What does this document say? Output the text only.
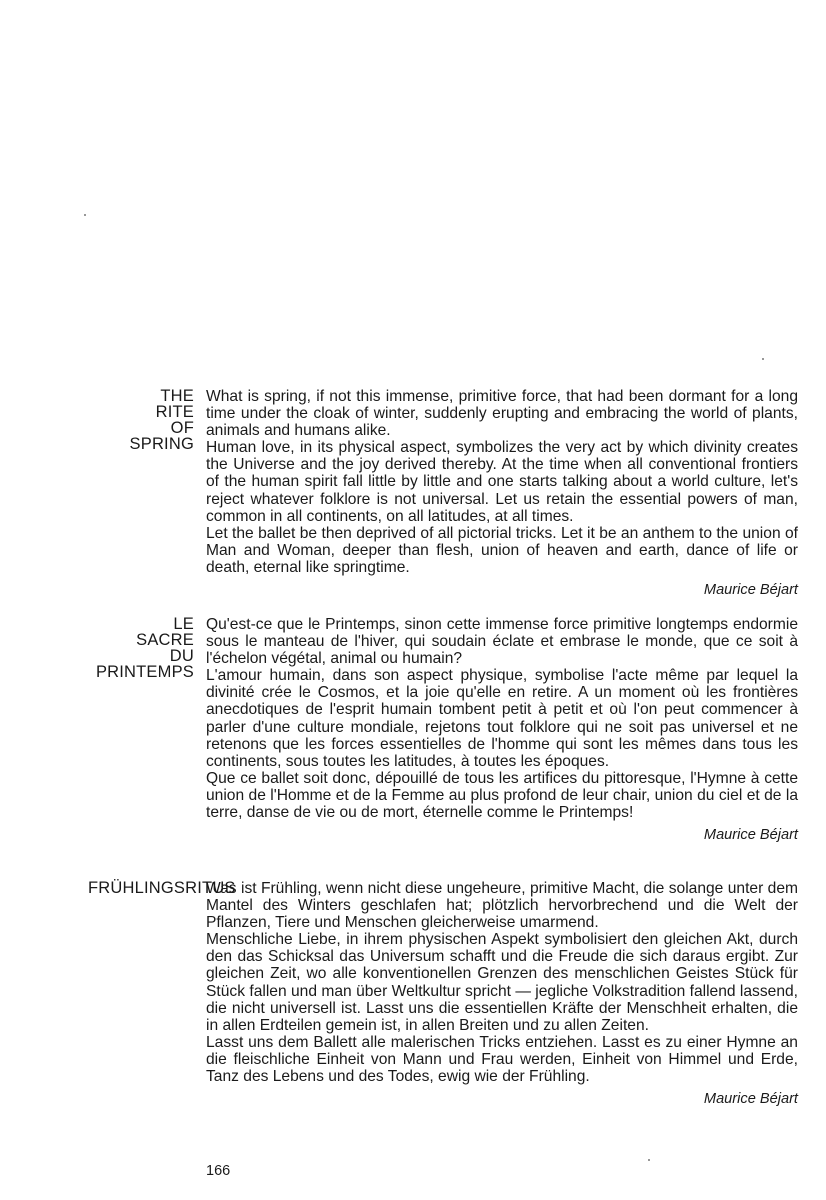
THE
RITE
OF
SPRING

What is spring, if not this immense, primitive force, that had been dormant for a long time under the cloak of winter, suddenly erupting and embracing the world of plants, animals and humans alike.

Human love, in its physical aspect, symbolizes the very act by which divinity creates the Universe and the joy derived thereby. At the time when all conventional frontiers of the human spirit fall little by little and one starts talking about a world culture, let's reject whatever folklore is not universal. Let us retain the essential powers of man, common in all continents, on all latitudes, at all times.

Let the ballet be then deprived of all pictorial tricks. Let it be an anthem to the union of Man and Woman, deeper than flesh, union of heaven and earth, dance of life or death, eternal like springtime.

Maurice Béjart
LE
SACRE
DU
PRINTEMPS

Qu'est-ce que le Printemps, sinon cette immense force primitive longtemps endormie sous le manteau de l'hiver, qui soudain éclate et embrase le monde, que ce soit à l'échelon végétal, animal ou humain?

L'amour humain, dans son aspect physique, symbolise l'acte même par lequel la divinité crée le Cosmos, et la joie qu'elle en retire. A un moment où les frontières anecdotiques de l'esprit humain tombent petit à petit et où l'on peut commencer à parler d'une culture mondiale, rejetons tout folklore qui ne soit pas universel et ne retenons que les forces essentielles de l'homme qui sont les mêmes dans tous les continents, sous toutes les latitudes, à toutes les époques.

Que ce ballet soit donc, dépouillé de tous les artifices du pittoresque, l'Hymne à cette union de l'Homme et de la Femme au plus profond de leur chair, union du ciel et de la terre, danse de vie ou de mort, éternelle comme le Printemps!

Maurice Béjart
FRÜHLINGSRITUS

Was ist Frühling, wenn nicht diese ungeheure, primitive Macht, die solange unter dem Mantel des Winters geschlafen hat; plötzlich hervorbrechend und die Welt der Pflanzen, Tiere und Menschen gleicherweise umarmend.

Menschliche Liebe, in ihrem physischen Aspekt symbolisiert den gleichen Akt, durch den das Schicksal das Universum schafft und die Freude die sich daraus ergibt. Zur gleichen Zeit, wo alle konventionellen Grenzen des menschlichen Geistes Stück für Stück fallen und man über Weltkultur spricht — jegliche Volkstradition fallend lassend, die nicht universell ist. Lasst uns die essentiellen Kräfte der Menschheit erhalten, die in allen Erdteilen gemein ist, in allen Breiten und zu allen Zeiten.

Lasst uns dem Ballett alle malerischen Tricks entziehen. Lasst es zu einer Hymne an die fleischliche Einheit von Mann und Frau werden, Einheit von Himmel und Erde, Tanz des Lebens und des Todes, ewig wie der Frühling.

Maurice Béjart
166
